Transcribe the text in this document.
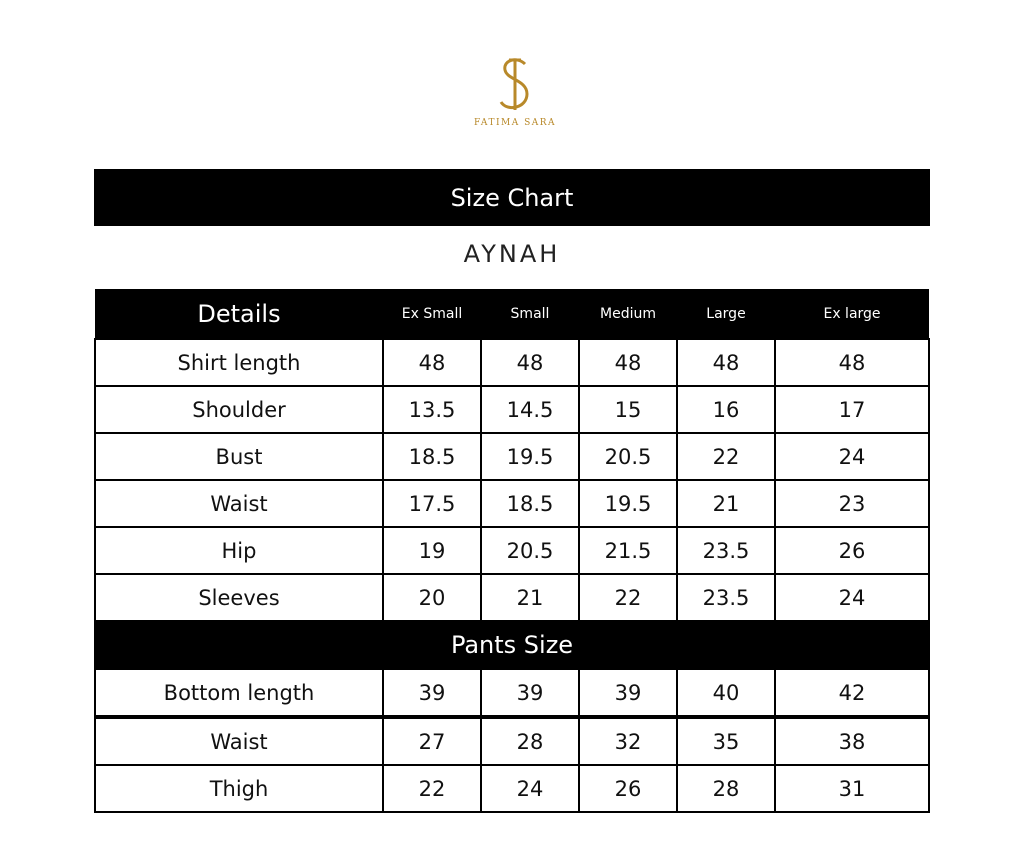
FATIMA SARA
Size Chart
AYNAH
Details	Ex Small	Small	Medium	Large	Ex large
Shirt length	48	48	48	48	48
Shoulder	13.5	14.5	15	16	17
Bust	18.5	19.5	20.5	22	24
Waist	17.5	18.5	19.5	21	23
Hip	19	20.5	21.5	23.5	26
Sleeves	20	21	22	23.5	24
Pants Size					
Bottom length	39	39	39	40	42
Waist	27	28	32	35	38
Thigh	22	24	26	28	31
